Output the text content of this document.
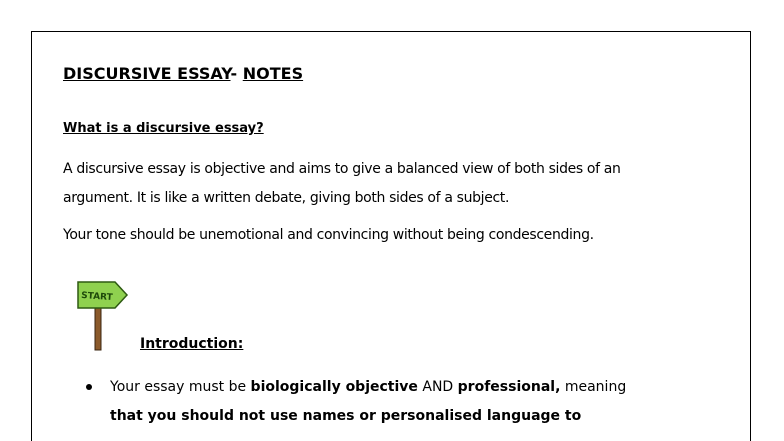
DISCURSIVE ESSAY- NOTES
What is a discursive essay?

A discursive essay is objective and aims to give a balanced view of both sides of an argument. It is like a written debate, giving both sides of a subject.

Your tone should be unemotional and convincing without being condescending.

START
Introduction:
Your essay must be biologically objective AND professional, meaning
that you should not use names or personalised language to
